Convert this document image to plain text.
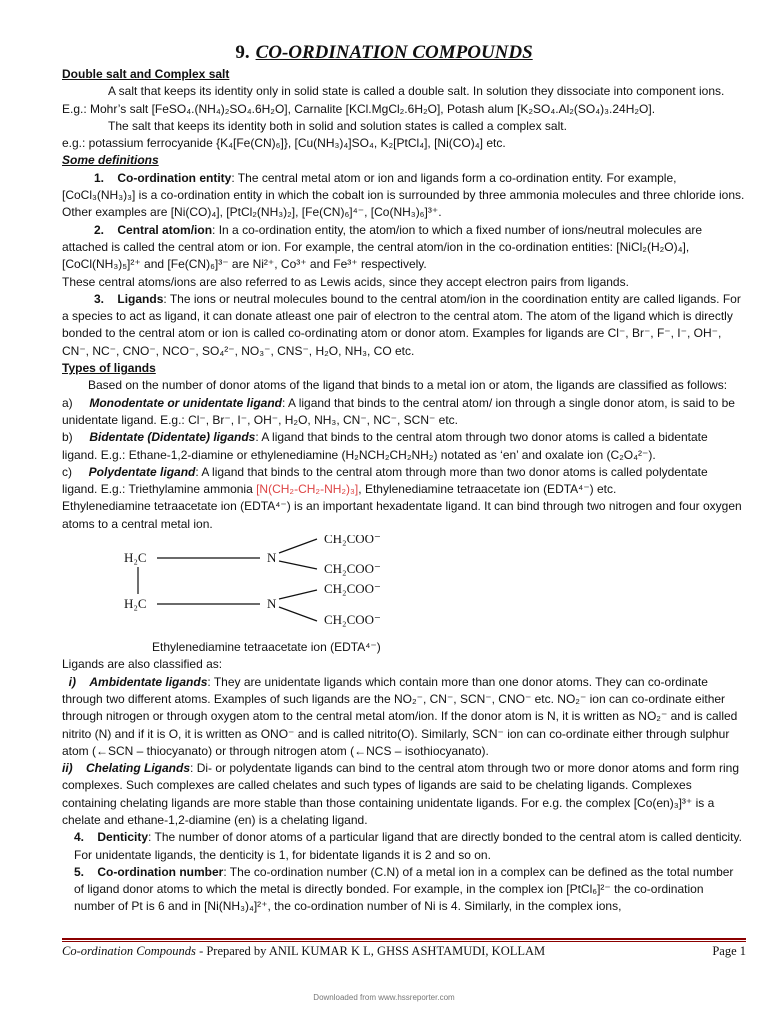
9. CO-ORDINATION COMPOUNDS

Double salt and Complex salt

A salt that keeps its identity only in solid state is called a double salt. In solution they dissociate into component ions. E.g.: Mohr’s salt [FeSO₄.(NH₄)₂SO₄.6H₂O], Carnalite [KCl.MgCl₂.6H₂O], Potash alum [K₂SO₄.Al₂(SO₄)₃.24H₂O].

The salt that keeps its identity both in solid and solution states is called a complex salt.

e.g.: potassium ferrocyanide {K₄[Fe(CN)₆]}, [Cu(NH₃)₄]SO₄, K₂[PtCl₄], [Ni(CO)₄] etc.

Some definitions

1. Co-ordination entity: The central metal atom or ion and ligands form a co-ordination entity. For example, [CoCl₃(NH₃)₃] is a co-ordination entity in which the cobalt ion is surrounded by three ammonia molecules and three chloride ions. Other examples are [Ni(CO)₄], [PtCl₂(NH₃)₂], [Fe(CN)₆]⁴⁻, [Co(NH₃)₆]³⁺.

2. Central atom/ion: In a co-ordination entity, the atom/ion to which a fixed number of ions/neutral molecules are attached is called the central atom or ion. For example, the central atom/ion in the co-ordination entities: [NiCl₂(H₂O)₄], [CoCl(NH₃)₅]²⁺ and [Fe(CN)₆]³⁻ are Ni²⁺, Co³⁺ and Fe³⁺ respectively.

These central atoms/ions are also referred to as Lewis acids, since they accept electron pairs from ligands.

3. Ligands: The ions or neutral molecules bound to the central atom/ion in the coordination entity are called ligands. For a species to act as ligand, it can donate atleast one pair of electron to the central atom. The atom of the ligand which is directly bonded to the central atom or ion is called co-ordinating atom or donor atom. Examples for ligands are Cl⁻, Br⁻, F⁻, I⁻, OH⁻, CN⁻, NC⁻, CNO⁻, NCO⁻, SO₄²⁻, NO₃⁻, CNS⁻, H₂O, NH₃, CO etc.

Types of ligands

Based on the number of donor atoms of the ligand that binds to a metal ion or atom, the ligands are classified as follows:

a) Monodentate or unidentate ligand: A ligand that binds to the central atom/ ion through a single donor atom, is said to be unidentate ligand. E.g.: Cl⁻, Br⁻, I⁻, OH⁻, H₂O, NH₃, CN⁻, NC⁻, SCN⁻ etc.

b) Bidentate (Didentate) ligands: A ligand that binds to the central atom through two donor atoms is called a bidentate ligand. E.g.: Ethane-1,2-diamine or ethylenediamine (H₂NCH₂CH₂NH₂) notated as ‘en’ and oxalate ion (C₂O₄²⁻).

c) Polydentate ligand: A ligand that binds to the central atom through more than two donor atoms is called polydentate ligand. E.g.: Triethylamine ammonia [N(CH₂-CH₂-NH₂)₃], Ethylenediamine tetraacetate ion (EDTA⁴⁻) etc.

Ethylenediamine tetraacetate ion (EDTA⁴⁻) is an important hexadentate ligand. It can bind through two nitrogen and four oxygen atoms to a central metal ion.

H₂C
H₂C
N
N
CH₂COO⁻
CH₂COO⁻
CH₂COO⁻
CH₂COO⁻

Ethylenediamine tetraacetate ion (EDTA⁴⁻)

Ligands are also classified as:

i) Ambidentate ligands: They are unidentate ligands which contain more than one donor atoms. They can co-ordinate through two different atoms. Examples of such ligands are the NO₂⁻, CN⁻, SCN⁻, CNO⁻ etc. NO₂⁻ ion can co-ordinate either through nitrogen or through oxygen atom to the central metal atom/ion. If the donor atom is N, it is written as NO₂⁻ and is called nitrito (N) and if it is O, it is written as ONO⁻ and is called nitrito(O). Similarly, SCN⁻ ion can co-ordinate either through sulphur atom (←SCN – thiocyanato) or through nitrogen atom (←NCS – isothiocyanato).

ii) Chelating Ligands: Di- or polydentate ligands can bind to the central atom through two or more donor atoms and form ring complexes. Such complexes are called chelates and such types of ligands are said to be chelating ligands. Complexes containing chelating ligands are more stable than those containing unidentate ligands. For e.g. the complex [Co(en)₃]³⁺ is a chelate and ethane-1,2-diamine (en) is a chelating ligand.

4. Denticity: The number of donor atoms of a particular ligand that are directly bonded to the central atom is called denticity. For unidentate ligands, the denticity is 1, for bidentate ligands it is 2 and so on.

5. Co-ordination number: The co-ordination number (C.N) of a metal ion in a complex can be defined as the total number of ligand donor atoms to which the metal is directly bonded. For example, in the complex ion [PtCl₆]²⁻ the co-ordination number of Pt is 6 and in [Ni(NH₃)₄]²⁺, the co-ordination number of Ni is 4. Similarly, in the complex ions,

Co-ordination Compounds - Prepared by ANIL KUMAR K L, GHSS ASHTAMUDI, KOLLAM	Page 1
Downloaded from www.hssreporter.com
